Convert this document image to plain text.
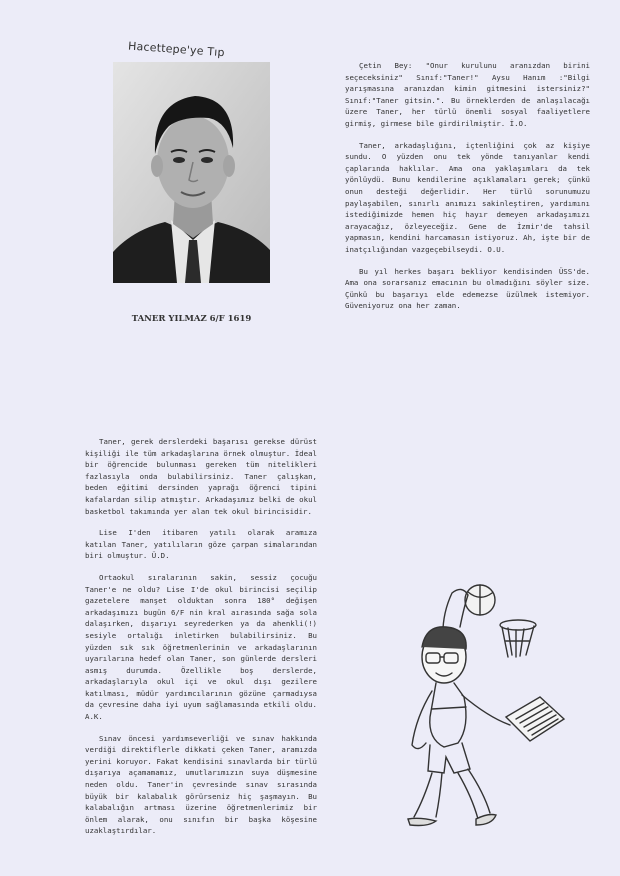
Hacettepe'ye Tıp
TANER YILMAZ 6/F 1619

Çetin Bey: "Onur kurulunu aranızdan birini seçeceksiniz" Sınıf:"Taner!" Aysu Hanım :"Bilgi yarışmasına aranızdan kimin gitmesini istersiniz?" Sınıf:"Taner gitsin.". Bu örneklerden de anlaşılacağı üzere Taner, her türlü önemli sosyal faaliyetlere girmiş, girmese bile girdirilmiştir. İ.O.

Taner, arkadaşlığını, içtenliğini çok az kişiye sundu. O yüzden onu tek yönde tanıyanlar kendi çaplarında haklılar. Ama ona yaklaşımları da tek yönlüydü. Bunu kendilerine açıklamaları gerek; çünkü onun desteği değerlidir. Her türlü sorunumuzu paylaşabilen, sınırlı anımızı sakinleştiren, yardımını istediğimizde hemen hiç hayır demeyen arkadaşımızı arayacağız, özleyeceğiz. Gene de İzmir'de tahsil yapmasın, kendini harcamasın istiyoruz. Ah, işte bir de inatçılığından vazgeçebilseydi. O.U.

Bu yıl herkes başarı bekliyor kendisinden ÜSS'de. Ama ona sorarsanız emacının bu olmadığını söyler size. Çünkü bu başarıyı elde edemezse üzülmek istemiyor. Güveniyoruz ona her zaman.

Taner, gerek derslerdeki başarısı gerekse dürüst kişiliği ile tüm arkadaşlarına örnek olmuştur. İdeal bir öğrencide bulunması gereken tüm nitelikleri fazlasıyla onda bulabilirsiniz. Taner çalışkan, beden eğitimi dersinden yaprağı öğrenci tipini kafalardan silip atmıştır. Arkadaşımız belki de okul basketbol takımında yer alan tek okul birincisidir.

Lise I'den itibaren yatılı olarak aramıza katılan Taner, yatılıların göze çarpan simalarından biri olmuştur. Ü.D.

Ortaokul sıralarının sakin, sessiz çocuğu Taner'e ne oldu? Lise I'de okul birincisi seçilip gazetelere manşet olduktan sonra 180° değişen arkadaşımızı bugün 6/F nin kral aırasında sağa sola dalaşırken, dışarıyı seyrederken ya da ahenkli(!) sesiyle ortalığı inletirken bulabilirsiniz. Bu yüzden sık sık öğretmenlerinin ve arkadaşlarının uyarılarına hedef olan Taner, son günlerde dersleri asmış durumda. Özellikle boş derslerde, arkadaşlarıyla okul içi ve okul dışı gezilere katılması, müdür yardımcılarının gözüne çarmadıysa da çevresine daha iyi uyum sağlamasında etkili oldu. A.K.

Sınav öncesi yardımseverliği ve sınav hakkında verdiği direktiflerle dikkati çeken Taner, aramızda yerini koruyor. Fakat kendisini sınavlarda bir türlü dışarıya açamamamız, umutlarımızın suya düşmesine neden oldu. Taner'in çevresinde sınav sırasında büyük bir kalabalık görürseniz hiç şaşmayın. Bu kalabalığın artması üzerine öğretmenlerimiz bir önlem alarak, onu sınıfın bir başka köşesine uzaklaştırdılar.
